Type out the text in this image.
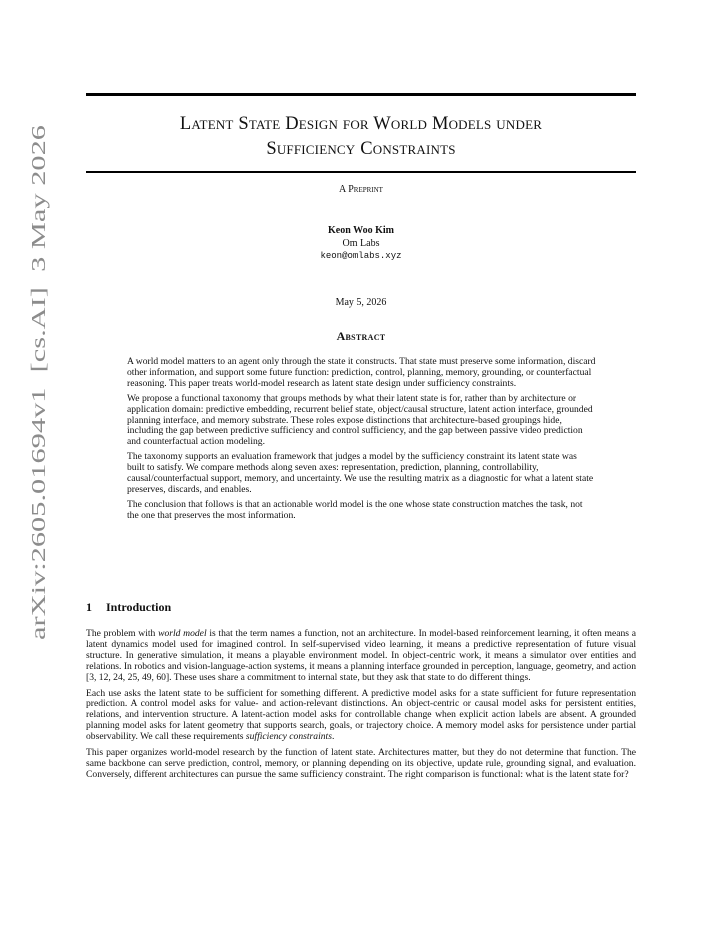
arXiv:2605.01694v1  [cs.AI]  3 May 2026
Latent State Design for World Models under
Sufficiency Constraints
A Preprint
Keon Woo Kim
Om Labs
keon@omlabs.xyz
May 5, 2026
Abstract

A world model matters to an agent only through the state it constructs. That state must preserve some information, discard other information, and support some future function: prediction, control, planning, memory, grounding, or counterfactual reasoning. This paper treats world-model research as latent state design under sufficiency constraints.

We propose a functional taxonomy that groups methods by what their latent state is for, rather than by architecture or application domain: predictive embedding, recurrent belief state, object/causal structure, latent action interface, grounded planning interface, and memory substrate. These roles expose distinctions that architecture-based groupings hide, including the gap between predictive sufficiency and control sufficiency, and the gap between passive video prediction and counterfactual action modeling.

The taxonomy supports an evaluation framework that judges a model by the sufficiency constraint its latent state was built to satisfy. We compare methods along seven axes: representation, prediction, planning, controllability, causal/counterfactual support, memory, and uncertainty. We use the resulting matrix as a diagnostic for what a latent state preserves, discards, and enables.

The conclusion that follows is that an actionable world model is the one whose state construction matches the task, not the one that preserves the most information.

1 Introduction

The problem with world model is that the term names a function, not an architecture. In model-based reinforcement learning, it often means a latent dynamics model used for imagined control. In self-supervised video learning, it means a predictive representation of future visual structure. In generative simulation, it means a playable environment model. In object-centric work, it means a simulator over entities and relations. In robotics and vision-language-action systems, it means a planning interface grounded in perception, language, geometry, and action [3, 12, 24, 25, 49, 60]. These uses share a commitment to internal state, but they ask that state to do different things.

Each use asks the latent state to be sufficient for something different. A predictive model asks for a state sufficient for future representation prediction. A control model asks for value- and action-relevant distinctions. An object-centric or causal model asks for persistent entities, relations, and intervention structure. A latent-action model asks for controllable change when explicit action labels are absent. A grounded planning model asks for latent geometry that supports search, goals, or trajectory choice. A memory model asks for persistence under partial observability. We call these requirements sufficiency constraints.

This paper organizes world-model research by the function of latent state. Architectures matter, but they do not determine that function. The same backbone can serve prediction, control, memory, or planning depending on its objective, update rule, grounding signal, and evaluation. Conversely, different architectures can pursue the same sufficiency constraint. The right comparison is functional: what is the latent state for?
